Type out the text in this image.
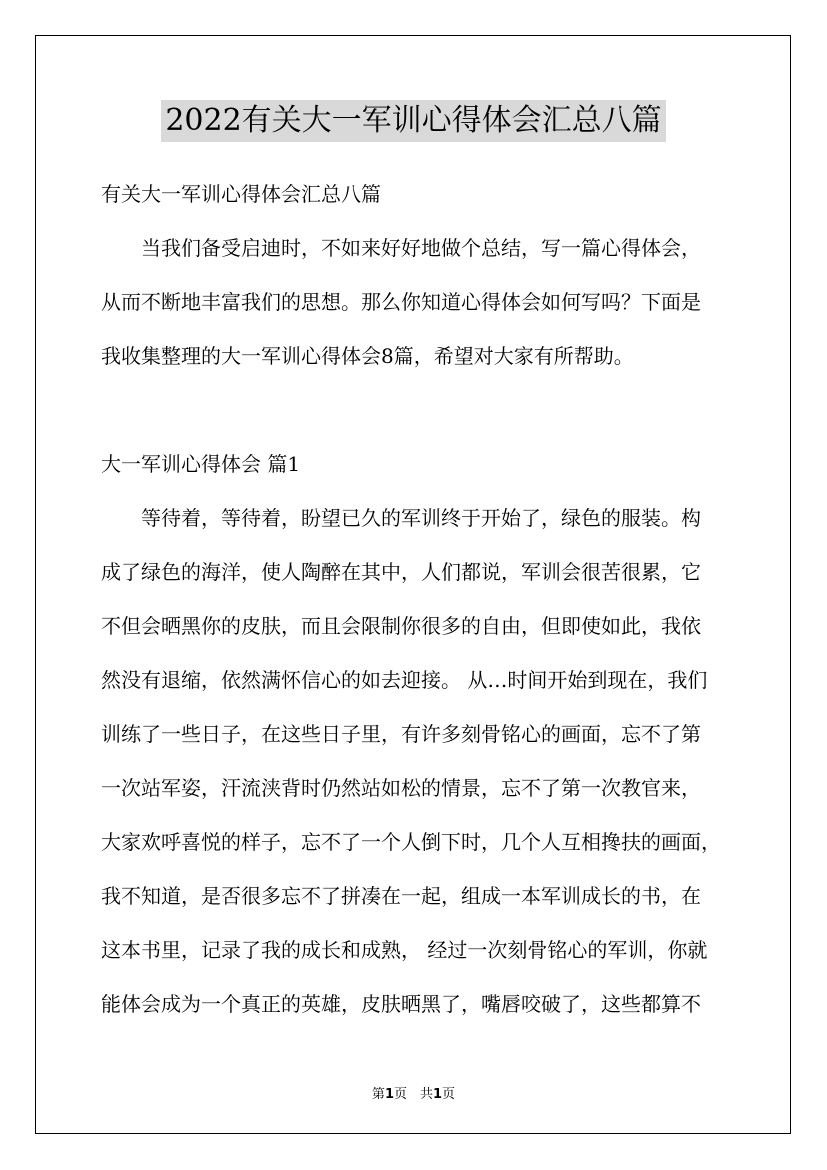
2022有关大一军训心得体会汇总八篇
有关大一军训心得体会汇总八篇
　　当我们备受启迪时，不如来好好地做个总结，写一篇心得体会，
从而不断地丰富我们的思想。那么你知道心得体会如何写吗？下面是
我收集整理的大一军训心得体会8篇，希望对大家有所帮助。
大一军训心得体会 篇1
　　等待着，等待着，盼望已久的军训终于开始了，绿色的服装。构
成了绿色的海洋，使人陶醉在其中，人们都说，军训会很苦很累，它
不但会晒黑你的皮肤，而且会限制你很多的自由，但即使如此，我依
然没有退缩，依然满怀信心的如去迎接。 从…时间开始到现在，我们
训练了一些日子，在这些日子里，有许多刻骨铭心的画面，忘不了第
一次站军姿，汗流浃背时仍然站如松的情景，忘不了第一次教官来，
大家欢呼喜悦的样子，忘不了一个人倒下时，几个人互相搀扶的画面，
我不知道，是否很多忘不了拼凑在一起，组成一本军训成长的书，在
这本书里，记录了我的成长和成熟， 经过一次刻骨铭心的军训，你就
能体会成为一个真正的英雄，皮肤晒黑了，嘴唇咬破了，这些都算不
第1页　共1页
